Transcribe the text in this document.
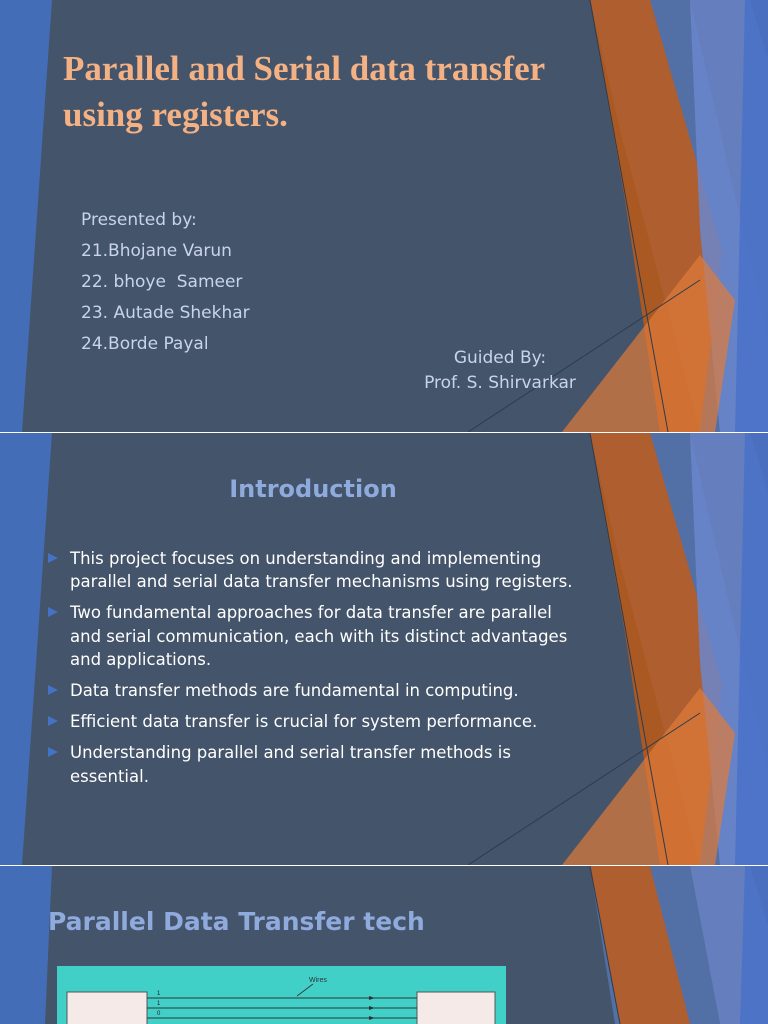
Parallel and Serial data transfer using registers.
Presented by:
21.Bhojane Varun
22. bhoye  Sameer
23. Autade Shekhar
24.Borde Payal
Guided By:
Prof. S. Shirvarkar
Introduction
This project focuses on understanding and implementing parallel and serial data transfer mechanisms using registers.
Two fundamental approaches for data transfer are parallel and serial communication, each with its distinct advantages and applications.
Data transfer methods are fundamental in computing.
Efficient data transfer is crucial for system performance.
Understanding parallel and serial transfer methods is essential.
Parallel Data Transfer tech
Wires
1
1
0
